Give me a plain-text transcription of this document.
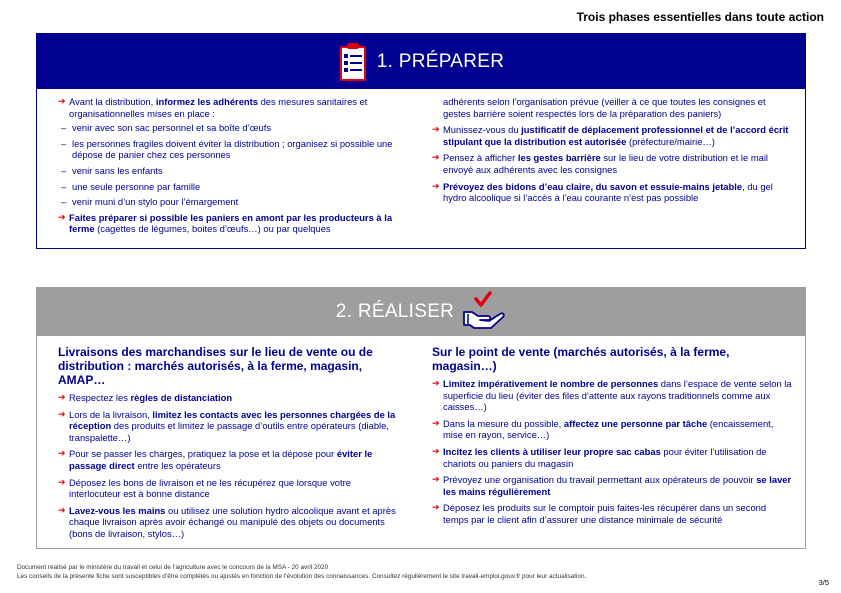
Trois phases essentielles dans toute action
1. PRÉPARER
➔ Avant la distribution, informez les adhérents des mesures sanitaires et organisationnelles mises en place :
– venir avec son sac personnel et sa boîte d’œufs
– les personnes fragiles doivent éviter la distribution ; organisez si possible une dépose de panier chez ces personnes
– venir sans les enfants
– une seule personne par famille
– venir muni d’un stylo pour l’émargement
➔ Faites préparer si possible les paniers en amont par les producteurs à la ferme (cagettes de légumes, boites d’œufs…) ou par quelques
adhérents selon l’organisation prévue (veiller à ce que toutes les consignes et gestes barrière soient respectés lors de la préparation des paniers)
➔ Munissez-vous du justificatif de déplacement professionnel et de l’accord écrit stipulant que la distribution est autorisée (préfecture/mairie…)
➔ Pensez à afficher les gestes barrière sur le lieu de votre distribution et le mail envoyé aux adhérents avec les consignes
➔ Prévoyez des bidons d’eau claire, du savon et essuie-mains jetable, du gel hydro alcoolique si l’accès à l’eau courante n’est pas possible
2. RÉALISER
Livraisons des marchandises sur le lieu de vente ou de distribution : marchés autorisés, à la ferme, magasin, AMAP…
➔ Respectez les règles de distanciation
➔ Lors de la livraison, limitez les contacts avec les personnes chargées de la réception des produits et limitez le passage d’outils entre opérateurs (diable, transpalette…)
➔ Pour se passer les charges, pratiquez la pose et la dépose pour éviter le passage direct entre les opérateurs
➔ Déposez les bons de livraison et ne les récupérez que lorsque votre interlocuteur est à bonne distance
➔ Lavez-vous les mains ou utilisez une solution hydro alcoolique avant et après chaque livraison après avoir échangé ou manipulé des objets ou documents (bons de livraison, stylos…)
Sur le point de vente (marchés autorisés, à la ferme, magasin…)
➔ Limitez impérativement le nombre de personnes dans l’espace de vente selon la superficie du lieu (éviter des files d’attente aux rayons traditionnels comme aux caisses…)
➔ Dans la mesure du possible, affectez une personne par tâche (encaissement, mise en rayon, service…)
➔ Incitez les clients à utiliser leur propre sac cabas pour éviter l’utilisation de chariots ou paniers du magasin
➔ Prévoyez une organisation du travail permettant aux opérateurs de pouvoir se laver les mains régulièrement
➔ Déposez les produits sur le comptoir puis faites-les récupérer dans un second temps par le client afin d’assurer une distance minimale de sécurité
Document réalisé par le ministère du travail et celui de l’agriculture avec le concours de la MSA - 20 avril 2020
Les conseils de la présente fiche sont susceptibles d’être complétés ou ajustés en fonction de l’évolution des connaissances. Consultez régulièrement le site travail-emploi.gouv.fr pour leur actualisation.
3/5
